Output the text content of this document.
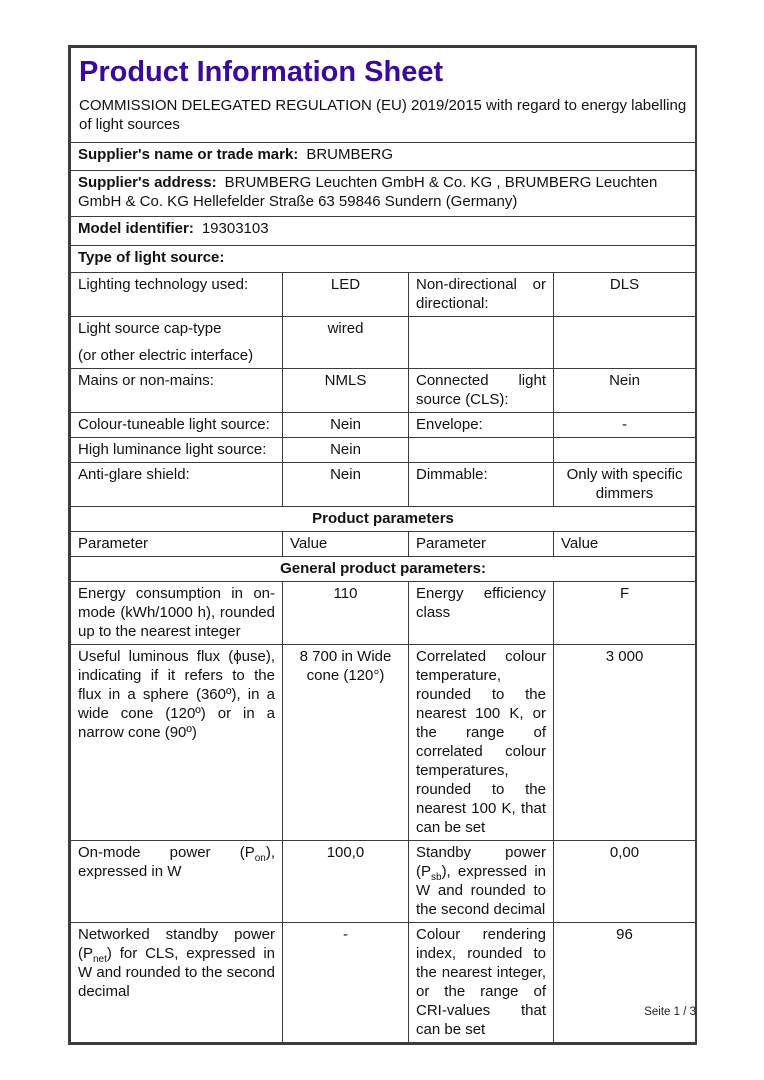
Product Information Sheet
COMMISSION DELEGATED REGULATION (EU) 2019/2015 with regard to energy labelling of light sources

Supplier's name or trade mark: BRUMBERG			
Supplier's address: BRUMBERG Leuchten GmbH & Co. KG , BRUMBERG Leuchten GmbH & Co. KG Hellefelder Straße 63 59846 Sundern (Germany)			
Model identifier: 19303103			
Type of light source:			
Lighting technology used:	LED	Non-directional or directional:	DLS

Light source cap-type
(or other electric interface)	wired		
Mains or non-mains:	NMLS	Connected light source (CLS):	Nein
Colour-tuneable light source:	Nein	Envelope:	-
High luminance light source:	Nein		
Anti-glare shield:	Nein	Dimmable:	Only with specific dimmers
Product parameters			
Parameter	Value	Parameter	Value
General product parameters:			
Energy consumption in on-mode (kWh/1000 h), rounded up to the nearest integer	110	Energy efficiency class	F
Useful luminous flux (ϕuse), indicating if it refers to the flux in a sphere (360º), in a wide cone (120º) or in a narrow cone (90º)	8 700 in Wide cone (120°)	Correlated colour temperature, rounded to the nearest 100 K, or the range of correlated colour temperatures, rounded to the nearest 100 K, that can be set	3 000
On-mode power $(P_{on})$, expressed in W	100,0	Standby power $(P_{sb})$, expressed in W and rounded to the second decimal	0,00
Networked standby power $(P_{net})$ for CLS, expressed in W and rounded to the second decimal	-	Colour rendering index, rounded to the nearest integer, or the range of CRI-values that can be set	96
Seite 1 / 3
